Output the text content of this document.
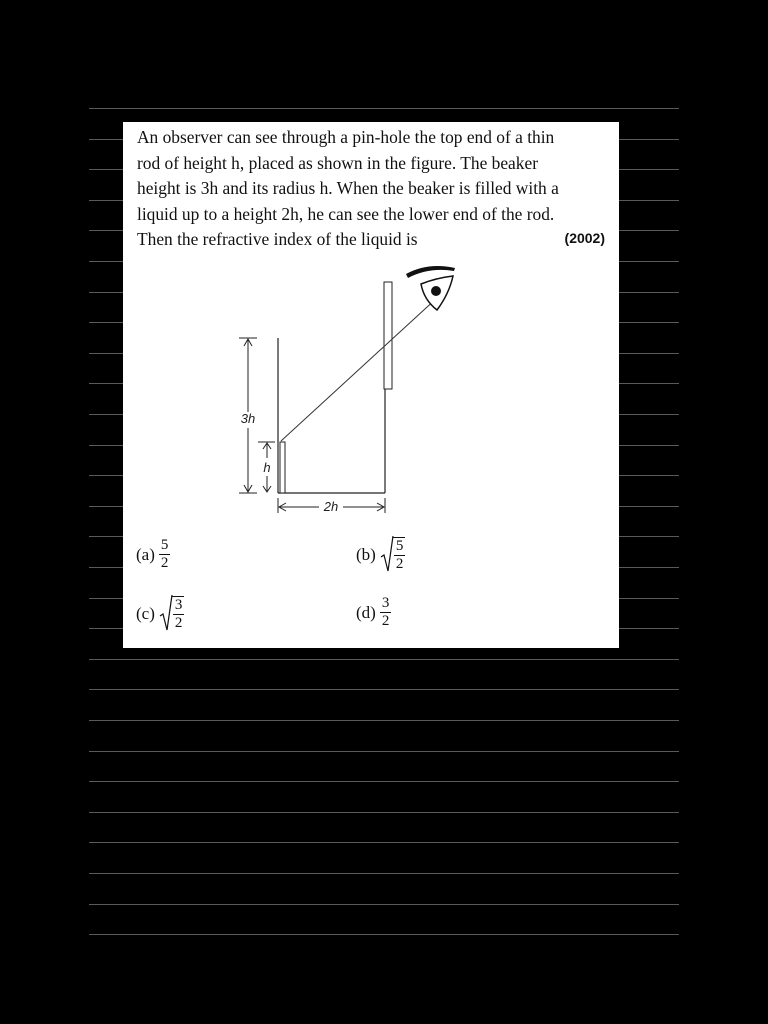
An observer can see through a pin-hole the top end of a thin
rod of height h, placed as shown in the figure. The beaker
height is 3h and its radius h. When the beaker is filled with a
liquid up to a height 2h, he can see the lower end of the rod.
Then the refractive index of the liquid is	(2002)
3h
h
2h
$(a) \frac{5}{2}$	$(b) \frac{5}{2}$
$(c) \frac{3}{2}$	$(d) \frac{3}{2}$
